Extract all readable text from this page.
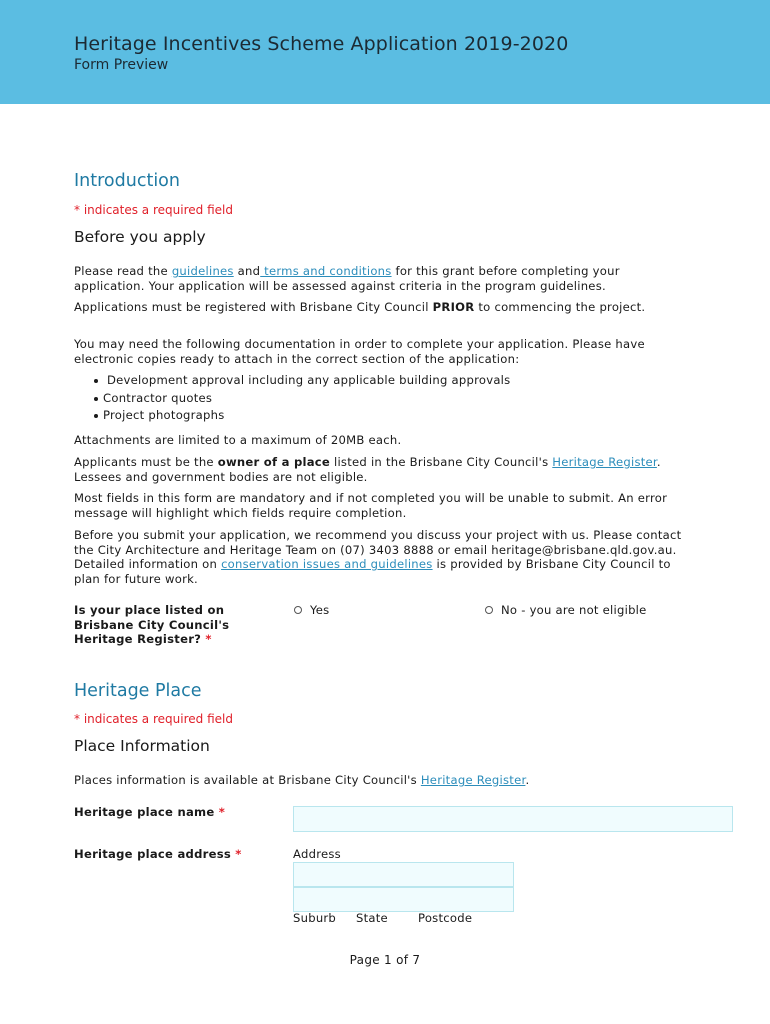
Heritage Incentives Scheme Application 2019-2020
Form Preview
Introduction
* indicates a required field
Before you apply
Please read the guidelines and terms and conditions for this grant before completing your application. Your application will be assessed against criteria in the program guidelines.
Applications must be registered with Brisbane City Council PRIOR to commencing the project.
You may need the following documentation in order to complete your application. Please have electronic copies ready to attach in the correct section of the application:
Development approval including any applicable building approvals
Contractor quotes
Project photographs
Attachments are limited to a maximum of 20MB each.
Applicants must be the owner of a place listed in the Brisbane City Council's Heritage Register. Lessees and government bodies are not eligible.
Most fields in this form are mandatory and if not completed you will be unable to submit. An error message will highlight which fields require completion.
Before you submit your application, we recommend you discuss your project with us. Please contact the City Architecture and Heritage Team on (07) 3403 8888 or email heritage@brisbane.qld.gov.au. Detailed information on conservation issues and guidelines is provided by Brisbane City Council to plan for future work.
Is your place listed on Brisbane City Council's Heritage Register? *
Yes	No - you are not eligible
Heritage Place
* indicates a required field
Place Information
Places information is available at Brisbane City Council's Heritage Register.
Heritage place name *
Heritage place address *	Address
Suburb State	Postcode
Page 1 of 7
